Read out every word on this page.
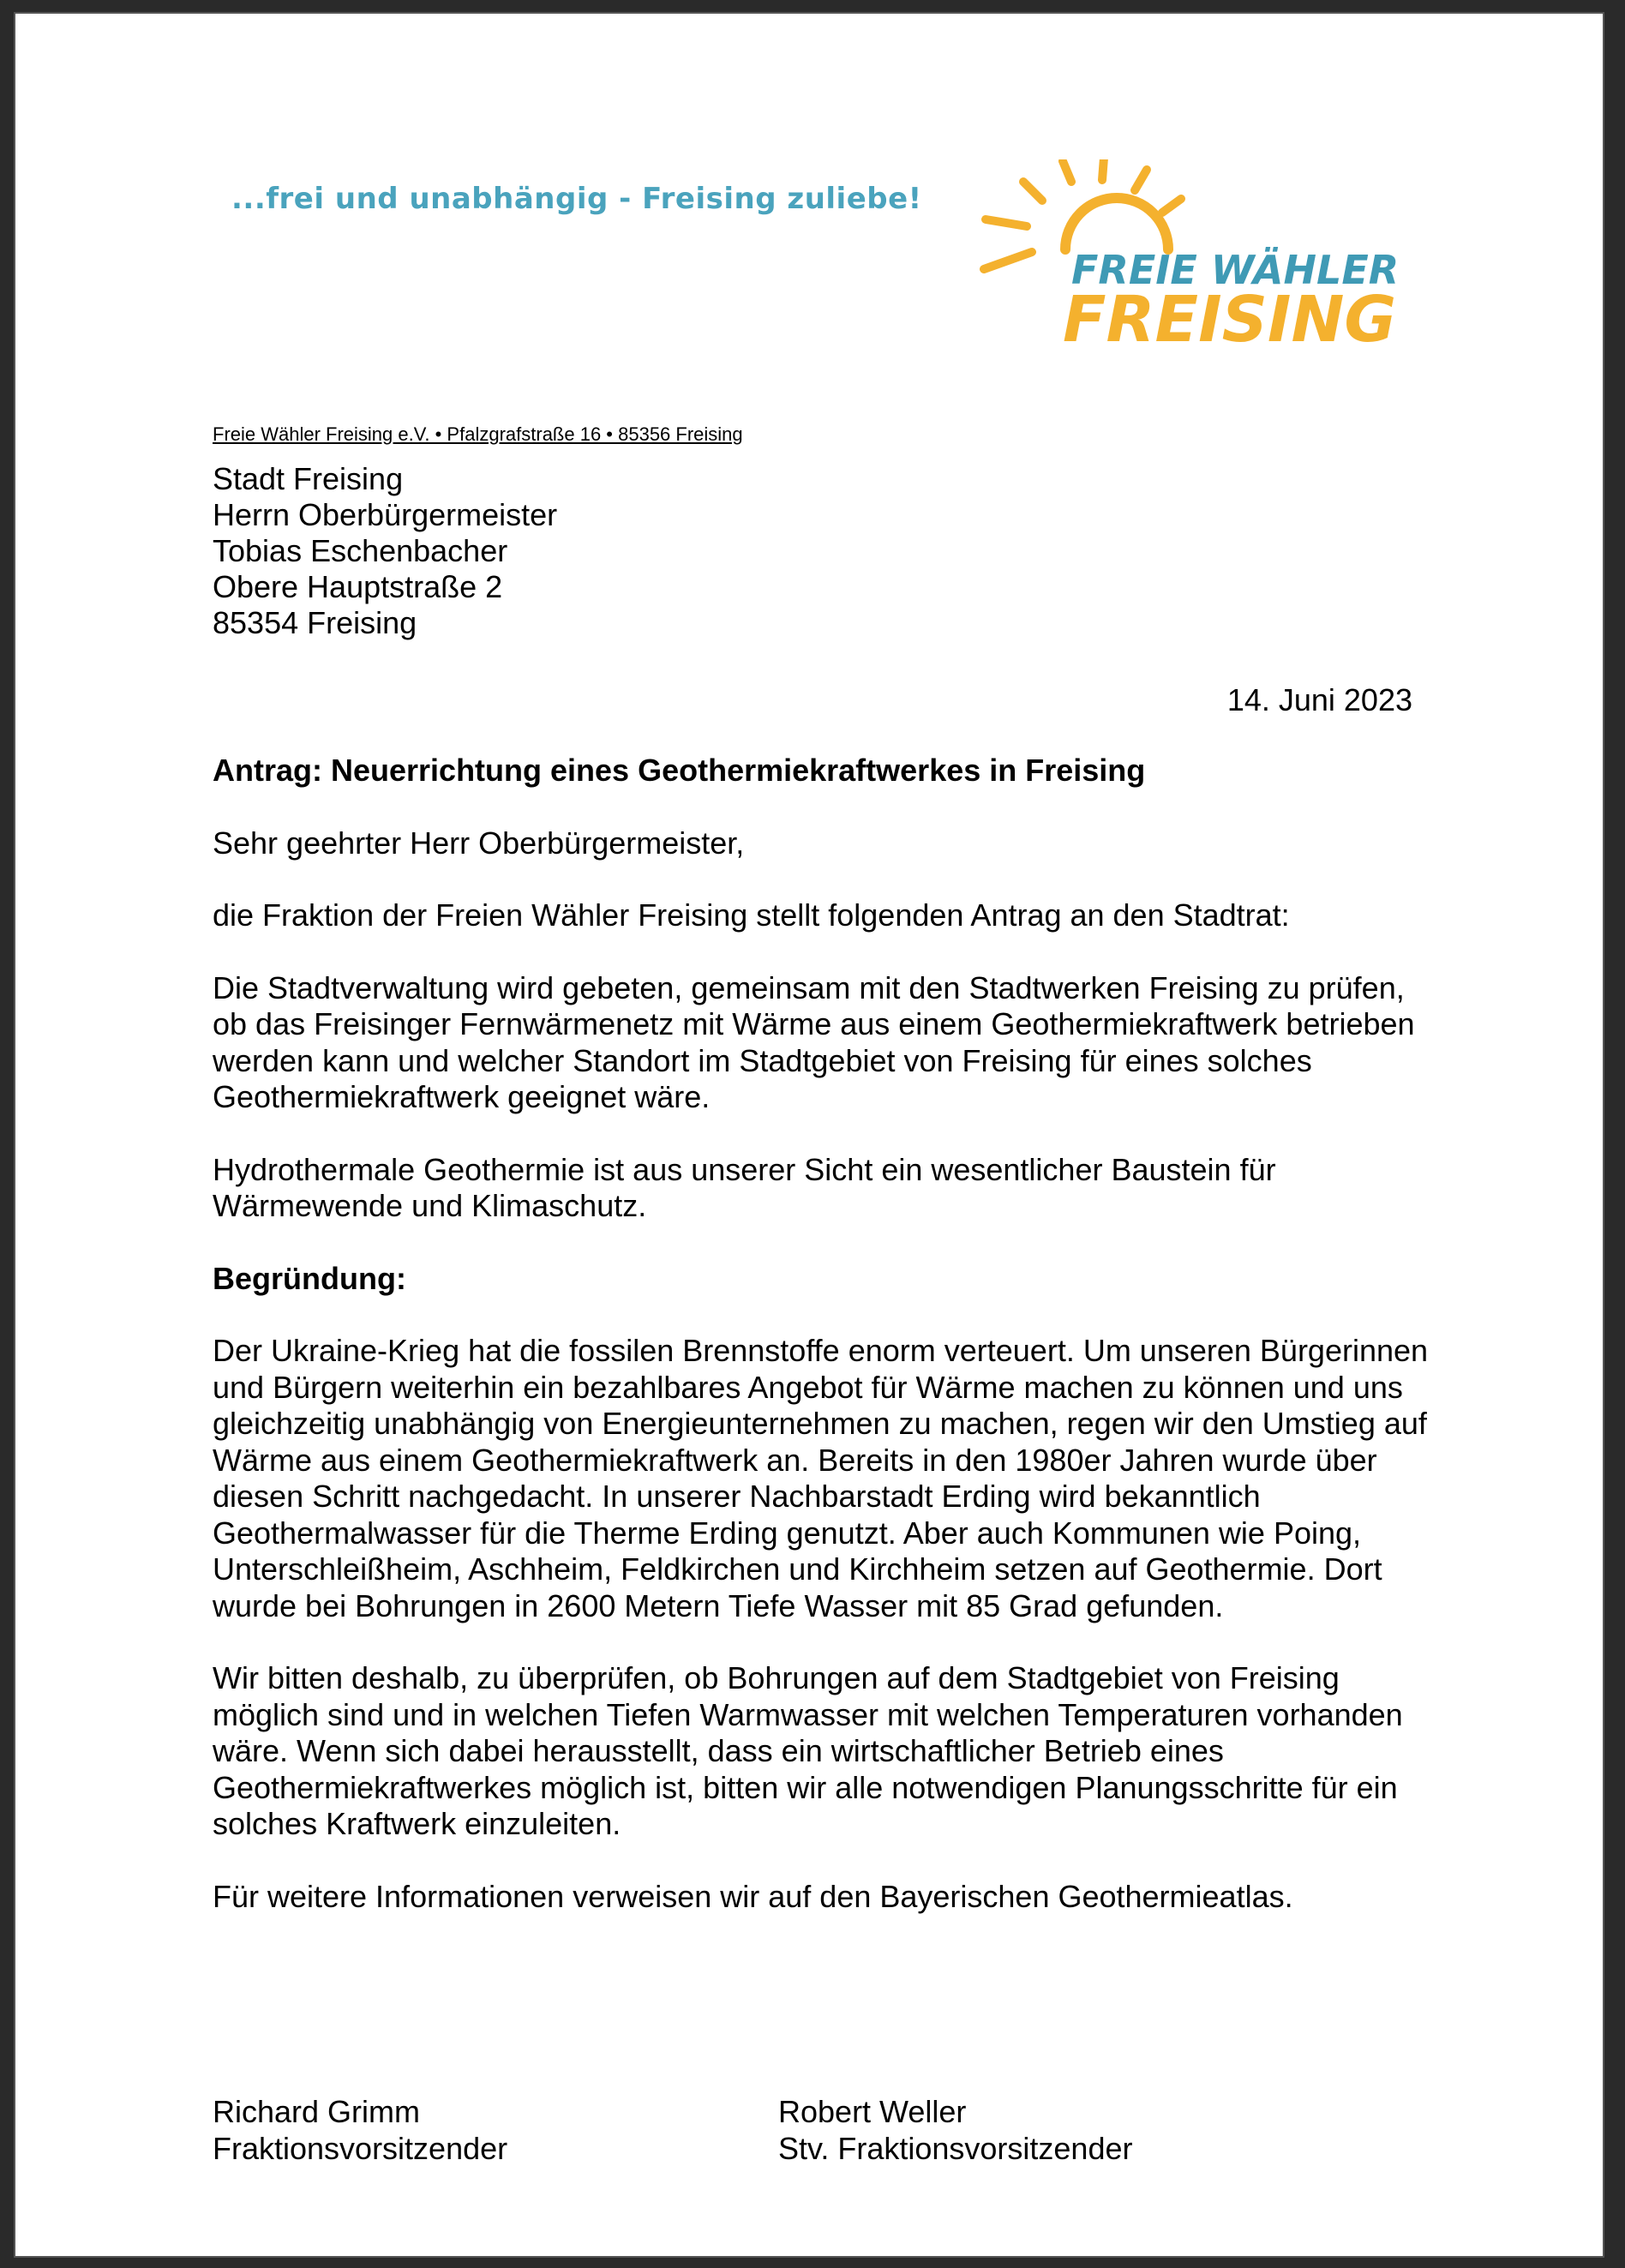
...frei und unabhängig - Freising zuliebe!
FREIE WÄHLER
FREISING
Freie Wähler Freising e.V. • Pfalzgrafstraße 16 • 85356 Freising
Stadt Freising
Herrn Oberbürgermeister
Tobias Eschenbacher
Obere Hauptstraße 2
85354 Freising
14. Juni 2023

Antrag: Neuerrichtung eines Geothermiekraftwerkes in Freising

Sehr geehrter Herr Oberbürgermeister,

die Fraktion der Freien Wähler Freising stellt folgenden Antrag an den Stadtrat:

Die Stadtverwaltung wird gebeten, gemeinsam mit den Stadtwerken Freising zu prüfen, ob das Freisinger Fernwärmenetz mit Wärme aus einem Geothermiekraftwerk betrieben werden kann und welcher Standort im Stadtgebiet von Freising für eines solches Geothermiekraftwerk geeignet wäre.

Hydrothermale Geothermie ist aus unserer Sicht ein wesentlicher Baustein für Wärmewende und Klimaschutz.

Begründung:

Der Ukraine-Krieg hat die fossilen Brennstoffe enorm verteuert. Um unseren Bürgerinnen und Bürgern weiterhin ein bezahlbares Angebot für Wärme machen zu können und uns gleichzeitig unabhängig von Energieunternehmen zu machen, regen wir den Umstieg auf Wärme aus einem Geothermiekraftwerk an. Bereits in den 1980er Jahren wurde über diesen Schritt nachgedacht. In unserer Nachbarstadt Erding wird bekanntlich Geothermalwasser für die Therme Erding genutzt. Aber auch Kommunen wie Poing, Unterschleißheim, Aschheim, Feldkirchen und Kirchheim setzen auf Geothermie. Dort wurde bei Bohrungen in 2600 Metern Tiefe Wasser mit 85 Grad gefunden.

Wir bitten deshalb, zu überprüfen, ob Bohrungen auf dem Stadtgebiet von Freising möglich sind und in welchen Tiefen Warmwasser mit welchen Temperaturen vorhanden wäre. Wenn sich dabei herausstellt, dass ein wirtschaftlicher Betrieb eines Geothermiekraftwerkes möglich ist, bitten wir alle notwendigen Planungsschritte für ein solches Kraftwerk einzuleiten.

Für weitere Informationen verweisen wir auf den Bayerischen Geothermieatlas.

Richard Grimm
Fraktionsvorsitzender
Robert Weller
Stv. Fraktionsvorsitzender
